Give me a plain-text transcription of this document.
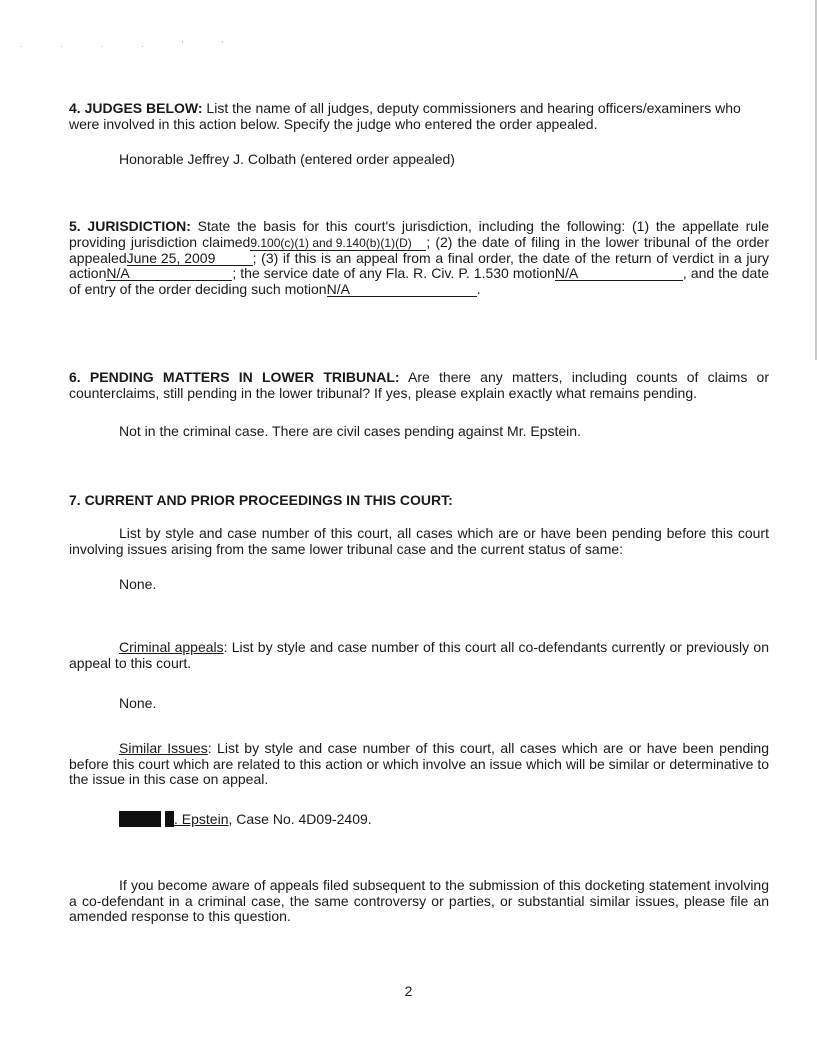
. . . . ' '
4. JUDGES BELOW: List the name of all judges, deputy commissioners and hearing officers/examiners who were involved in this action below. Specify the judge who entered the order appealed.
Honorable Jeffrey J. Colbath (entered order appealed)
5. JURISDICTION: State the basis for this court's jurisdiction, including the following: (1) the appellate rule providing jurisdiction claimed9.100(c)(1) and 9.140(b)(1)(D) ; (2) the date of filing in the lower tribunal of the order appealedJune 25, 2009	; (3) if this is an appeal from a final order, the date of the return of verdict in a jury actionN/A	; the service date of any Fla. R. Civ. P. 1.530 motionN/A	, and the date of entry of the order deciding such motionN/A	.
6. PENDING MATTERS IN LOWER TRIBUNAL: Are there any matters, including counts of claims or counterclaims, still pending in the lower tribunal? If yes, please explain exactly what remains pending.
Not in the criminal case. There are civil cases pending against Mr. Epstein.
7. CURRENT AND PRIOR PROCEEDINGS IN THIS COURT:
List by style and case number of this court, all cases which are or have been pending before this court involving issues arising from the same lower tribunal case and the current status of same:
None.
Criminal appeals: List by style and case number of this court all co-defendants currently or previously on appeal to this court.
None.
Similar Issues: List by style and case number of this court, all cases which are or have been pending before this court which are related to this action or which involve an issue which will be similar or determinative to the issue in this case on appeal.
. Epstein, Case No. 4D09-2409.
If you become aware of appeals filed subsequent to the submission of this docketing statement involving a co-defendant in a criminal case, the same controversy or parties, or substantial similar issues, please file an amended response to this question.
2
